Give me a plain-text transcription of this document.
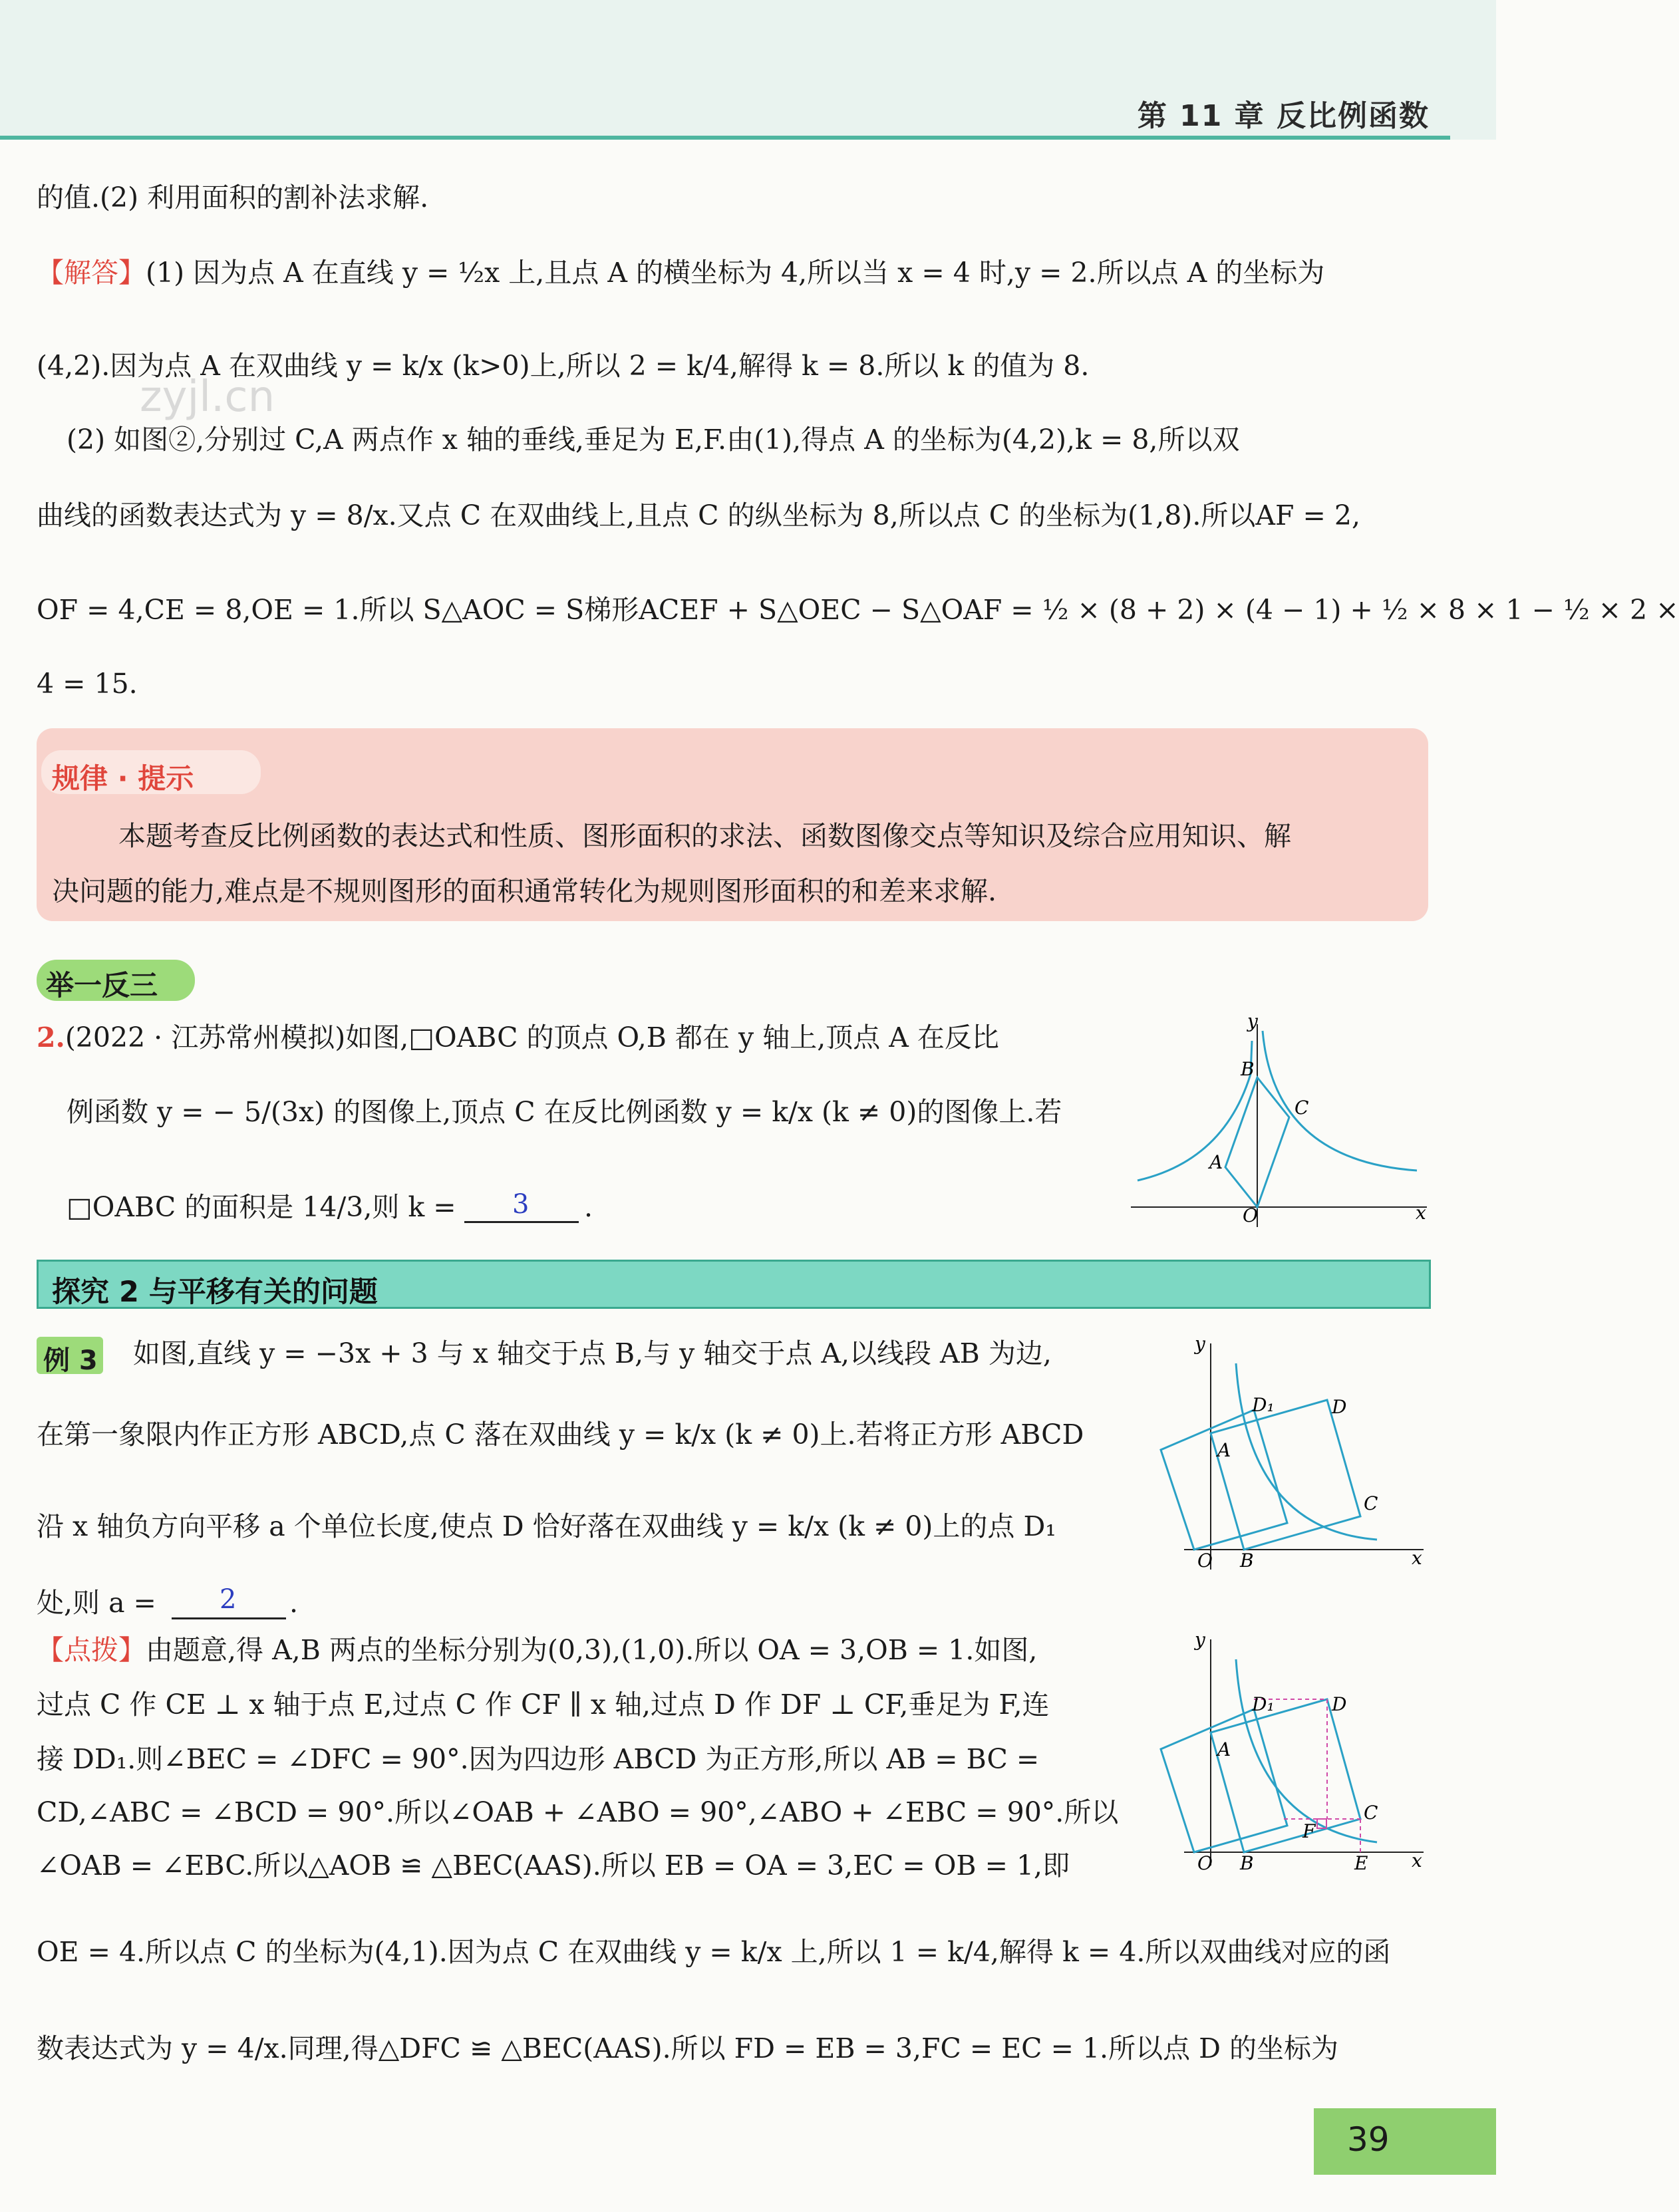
第 11 章 反比例函数
zyjl.cn
的值.(2) 利用面积的割补法求解.
【解答】(1) 因为点 A 在直线 y = ½x 上,且点 A 的横坐标为 4,所以当 x = 4 时,y = 2.所以点 A 的坐标为
(4,2).因为点 A 在双曲线 y = k/x (k>0)上,所以 2 = k/4,解得 k = 8.所以 k 的值为 8.
(2) 如图②,分别过 C,A 两点作 x 轴的垂线,垂足为 E,F.由(1),得点 A 的坐标为(4,2),k = 8,所以双
曲线的函数表达式为 y = 8/x.又点 C 在双曲线上,且点 C 的纵坐标为 8,所以点 C 的坐标为(1,8).所以AF = 2,
OF = 4,CE = 8,OE = 1.所以 S△AOC = S梯形ACEF + S△OEC − S△OAF = ½ × (8 + 2) × (4 − 1) + ½ × 8 × 1 − ½ × 2 ×
4 = 15.
规律 · 提示
本题考查反比例函数的表达式和性质、图形面积的求法、函数图像交点等知识及综合应用知识、解
决问题的能力,难点是不规则图形的面积通常转化为规则图形面积的和差来求解.
举一反三
2.(2022 · 江苏常州模拟)如图,□OABC 的顶点 O,B 都在 y 轴上,顶点 A 在反比
例函数 y = − 5/(3x) 的图像上,顶点 C 在反比例函数 y = k/x (k ≠ 0)的图像上.若
□OABC 的面积是 14/3,则 k = 3 .
y
x
O
B
A
C
探究 2 与平移有关的问题
例 3 如图,直线 y = −3x + 3 与 x 轴交于点 B,与 y 轴交于点 A,以线段 AB 为边,
在第一象限内作正方形 ABCD,点 C 落在双曲线 y = k/x (k ≠ 0)上.若将正方形 ABCD
沿 x 轴负方向平移 a 个单位长度,使点 D 恰好落在双曲线 y = k/x (k ≠ 0)上的点 D₁
处,则 a = 2 .
y
x
O B
A
C
D
D₁
【点拨】由题意,得 A,B 两点的坐标分别为(0,3),(1,0).所以 OA = 3,OB = 1.如图,
过点 C 作 CE ⊥ x 轴于点 E,过点 C 作 CF ∥ x 轴,过点 D 作 DF ⊥ CF,垂足为 F,连
接 DD₁.则∠BEC = ∠DFC = 90°.因为四边形 ABCD 为正方形,所以 AB = BC =
CD,∠ABC = ∠BCD = 90°.所以∠OAB + ∠ABO = 90°,∠ABO + ∠EBC = 90°.所以
∠OAB = ∠EBC.所以△AOB ≌ △BEC(AAS).所以 EB = OA = 3,EC = OB = 1,即
OE = 4.所以点 C 的坐标为(4,1).因为点 C 在双曲线 y = k/x 上,所以 1 = k/4,解得 k = 4.所以双曲线对应的函
数表达式为 y = 4/x.同理,得△DFC ≌ △BEC(AAS).所以 FD = EB = 3,FC = EC = 1.所以点 D 的坐标为
y
x
O B
A
C
D
D₁
E
F
39
